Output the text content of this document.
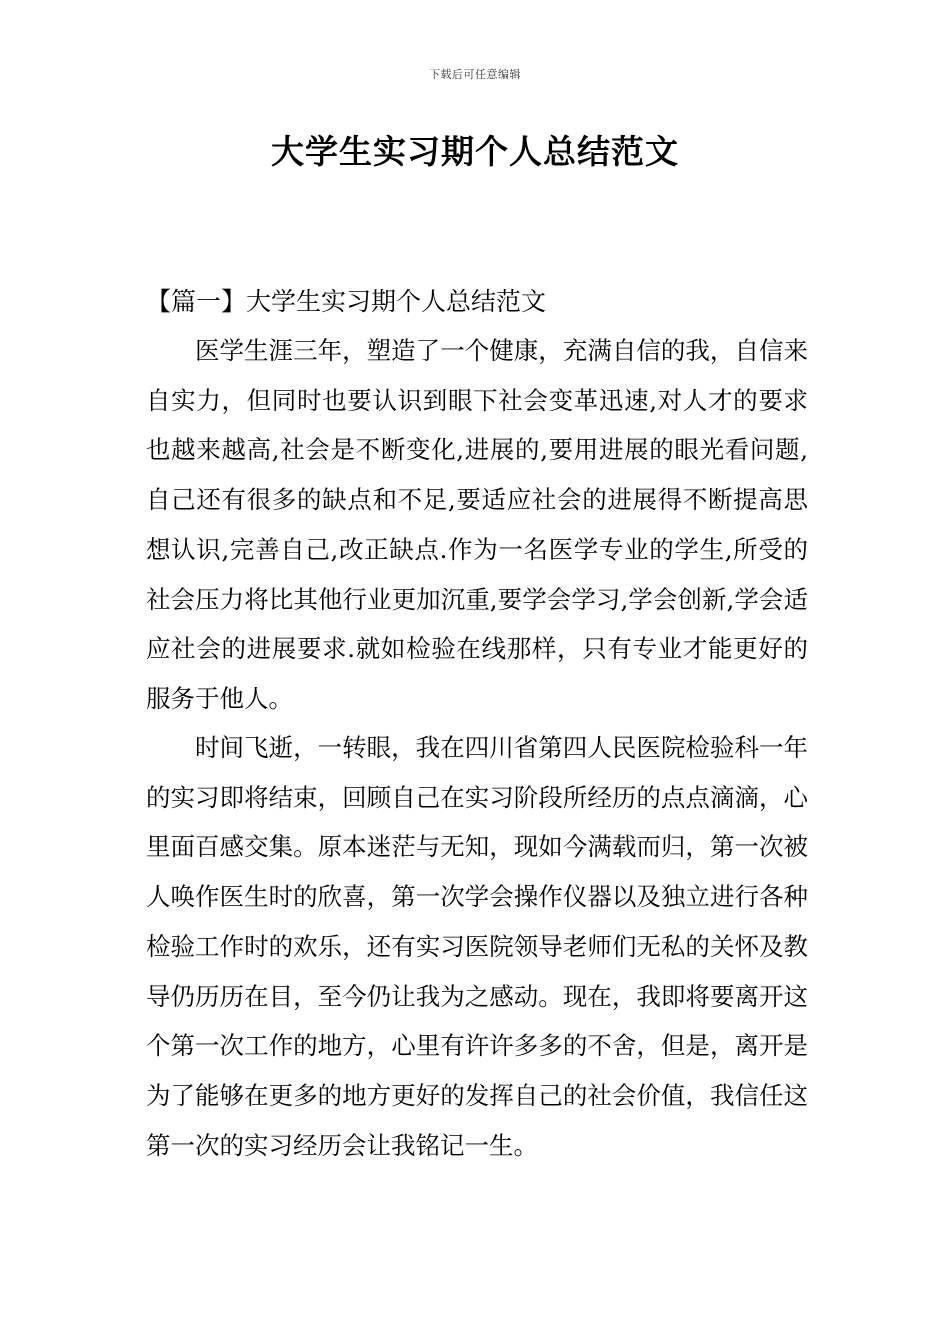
下载后可任意编辑
大学生实习期个人总结范文
【篇一】大学生实习期个人总结范文

医学生涯三年，塑造了一个健康，充满自信的我，自信来自实力，但同时也要认识到眼下社会变革迅速,对人才的要求也越来越高,社会是不断变化,进展的,要用进展的眼光看问题,自己还有很多的缺点和不足,要适应社会的进展得不断提高思想认识,完善自己,改正缺点.作为一名医学专业的学生,所受的社会压力将比其他行业更加沉重,要学会学习,学会创新,学会适应社会的进展要求.就如检验在线那样，只有专业才能更好的服务于他人。

时间飞逝，一转眼，我在四川省第四人民医院检验科一年的实习即将结束，回顾自己在实习阶段所经历的点点滴滴，心里面百感交集。原本迷茫与无知，现如今满载而归，第一次被人唤作医生时的欣喜，第一次学会操作仪器以及独立进行各种检验工作时的欢乐，还有实习医院领导老师们无私的关怀及教导仍历历在目，至今仍让我为之感动。现在，我即将要离开这个第一次工作的地方，心里有许许多多的不舍，但是，离开是为了能够在更多的地方更好的发挥自己的社会价值，我信任这第一次的实习经历会让我铭记一生。
